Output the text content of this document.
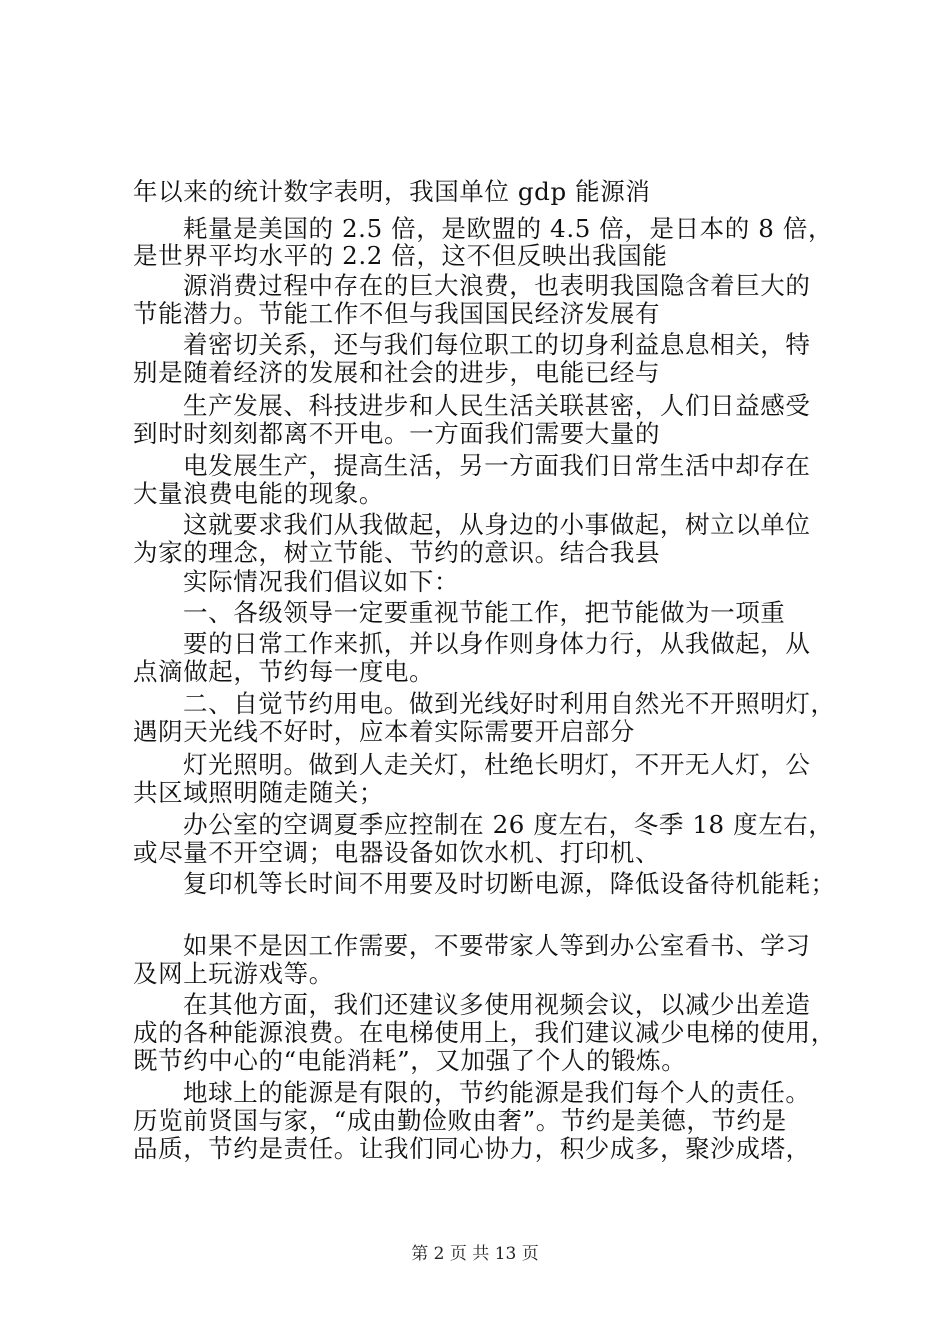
年以来的统计数字表明，我国单位 gdp 能源消
耗量是美国的 2.5 倍，是欧盟的 4.5 倍，是日本的 8 倍，
是世界平均水平的 2.2 倍，这不但反映出我国能
源消费过程中存在的巨大浪费，也表明我国隐含着巨大的
节能潜力。节能工作不但与我国国民经济发展有
着密切关系，还与我们每位职工的切身利益息息相关，特
别是随着经济的发展和社会的进步，电能已经与
生产发展、科技进步和人民生活关联甚密，人们日益感受
到时时刻刻都离不开电。一方面我们需要大量的
电发展生产，提高生活，另一方面我们日常生活中却存在
大量浪费电能的现象。
这就要求我们从我做起，从身边的小事做起，树立以单位
为家的理念，树立节能、节约的意识。结合我县
实际情况我们倡议如下：
一、各级领导一定要重视节能工作，把节能做为一项重
要的日常工作来抓，并以身作则身体力行，从我做起，从
点滴做起，节约每一度电。
二、自觉节约用电。做到光线好时利用自然光不开照明灯，
遇阴天光线不好时，应本着实际需要开启部分
灯光照明。做到人走关灯，杜绝长明灯，不开无人灯，公
共区域照明随走随关；
办公室的空调夏季应控制在 26 度左右，冬季 18 度左右，
或尽量不开空调；电器设备如饮水机、打印机、
复印机等长时间不用要及时切断电源，降低设备待机能耗；
如果不是因工作需要，不要带家人等到办公室看书、学习
及网上玩游戏等。
在其他方面，我们还建议多使用视频会议，以减少出差造
成的各种能源浪费。在电梯使用上，我们建议减少电梯的使用，
既节约中心的“电能消耗”，又加强了个人的锻炼。
地球上的能源是有限的，节约能源是我们每个人的责任。
历览前贤国与家，“成由勤俭败由奢”。节约是美德，节约是
品质，节约是责任。让我们同心协力，积少成多，聚沙成塔，
第 2 页 共 13 页
